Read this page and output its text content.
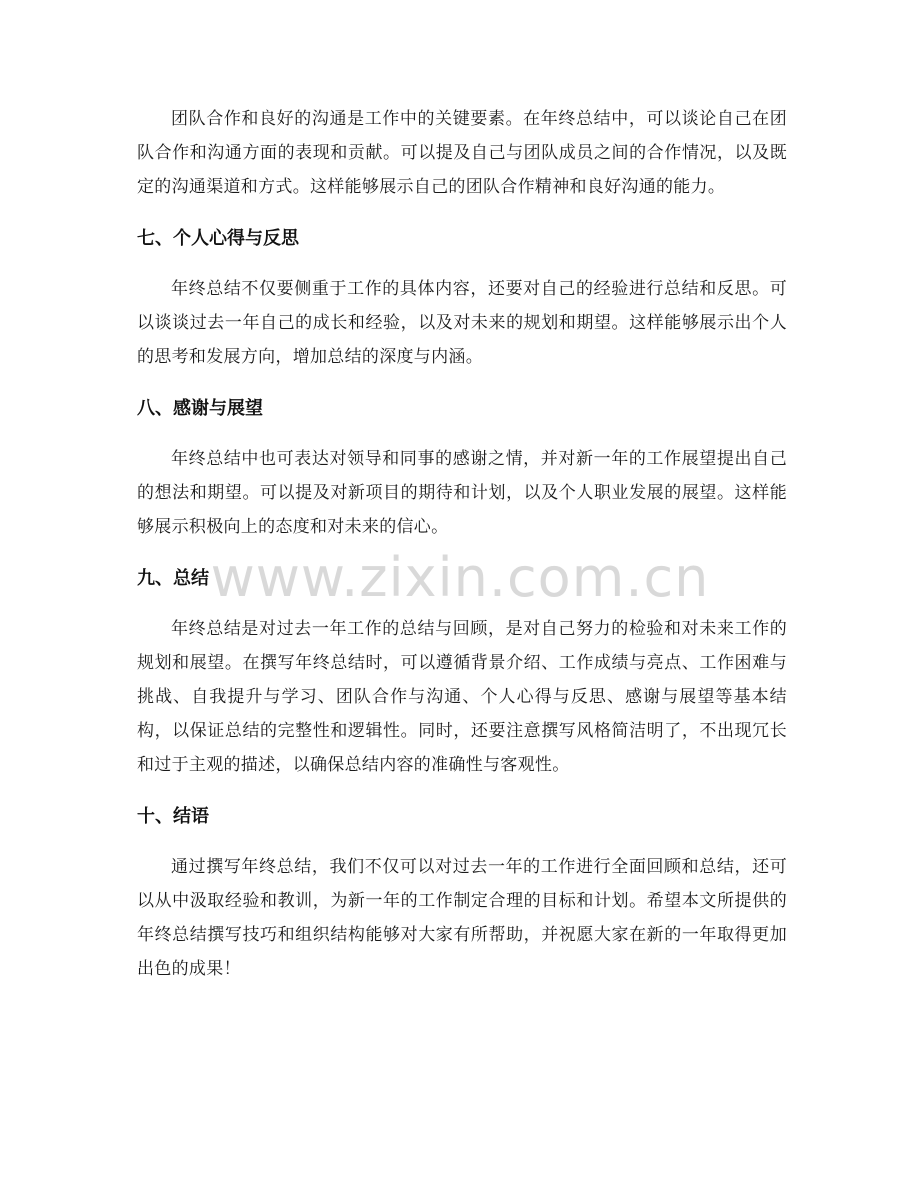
团队合作和良好的沟通是工作中的关键要素。在年终总结中，可以谈论自己在团队合作和沟通方面的表现和贡献。可以提及自己与团队成员之间的合作情况，以及既定的沟通渠道和方式。这样能够展示自己的团队合作精神和良好沟通的能力。

七、个人心得与反思

年终总结不仅要侧重于工作的具体内容，还要对自己的经验进行总结和反思。可以谈谈过去一年自己的成长和经验，以及对未来的规划和期望。这样能够展示出个人的思考和发展方向，增加总结的深度与内涵。

八、感谢与展望

年终总结中也可表达对领导和同事的感谢之情，并对新一年的工作展望提出自己的想法和期望。可以提及对新项目的期待和计划，以及个人职业发展的展望。这样能够展示积极向上的态度和对未来的信心。

九、总结

年终总结是对过去一年工作的总结与回顾，是对自己努力的检验和对未来工作的规划和展望。在撰写年终总结时，可以遵循背景介绍、工作成绩与亮点、工作困难与挑战、自我提升与学习、团队合作与沟通、个人心得与反思、感谢与展望等基本结构，以保证总结的完整性和逻辑性。同时，还要注意撰写风格简洁明了，不出现冗长和过于主观的描述，以确保总结内容的准确性与客观性。

十、结语

通过撰写年终总结，我们不仅可以对过去一年的工作进行全面回顾和总结，还可以从中汲取经验和教训，为新一年的工作制定合理的目标和计划。希望本文所提供的年终总结撰写技巧和组织结构能够对大家有所帮助，并祝愿大家在新的一年取得更加出色的成果！

www.zixin.com.cn
